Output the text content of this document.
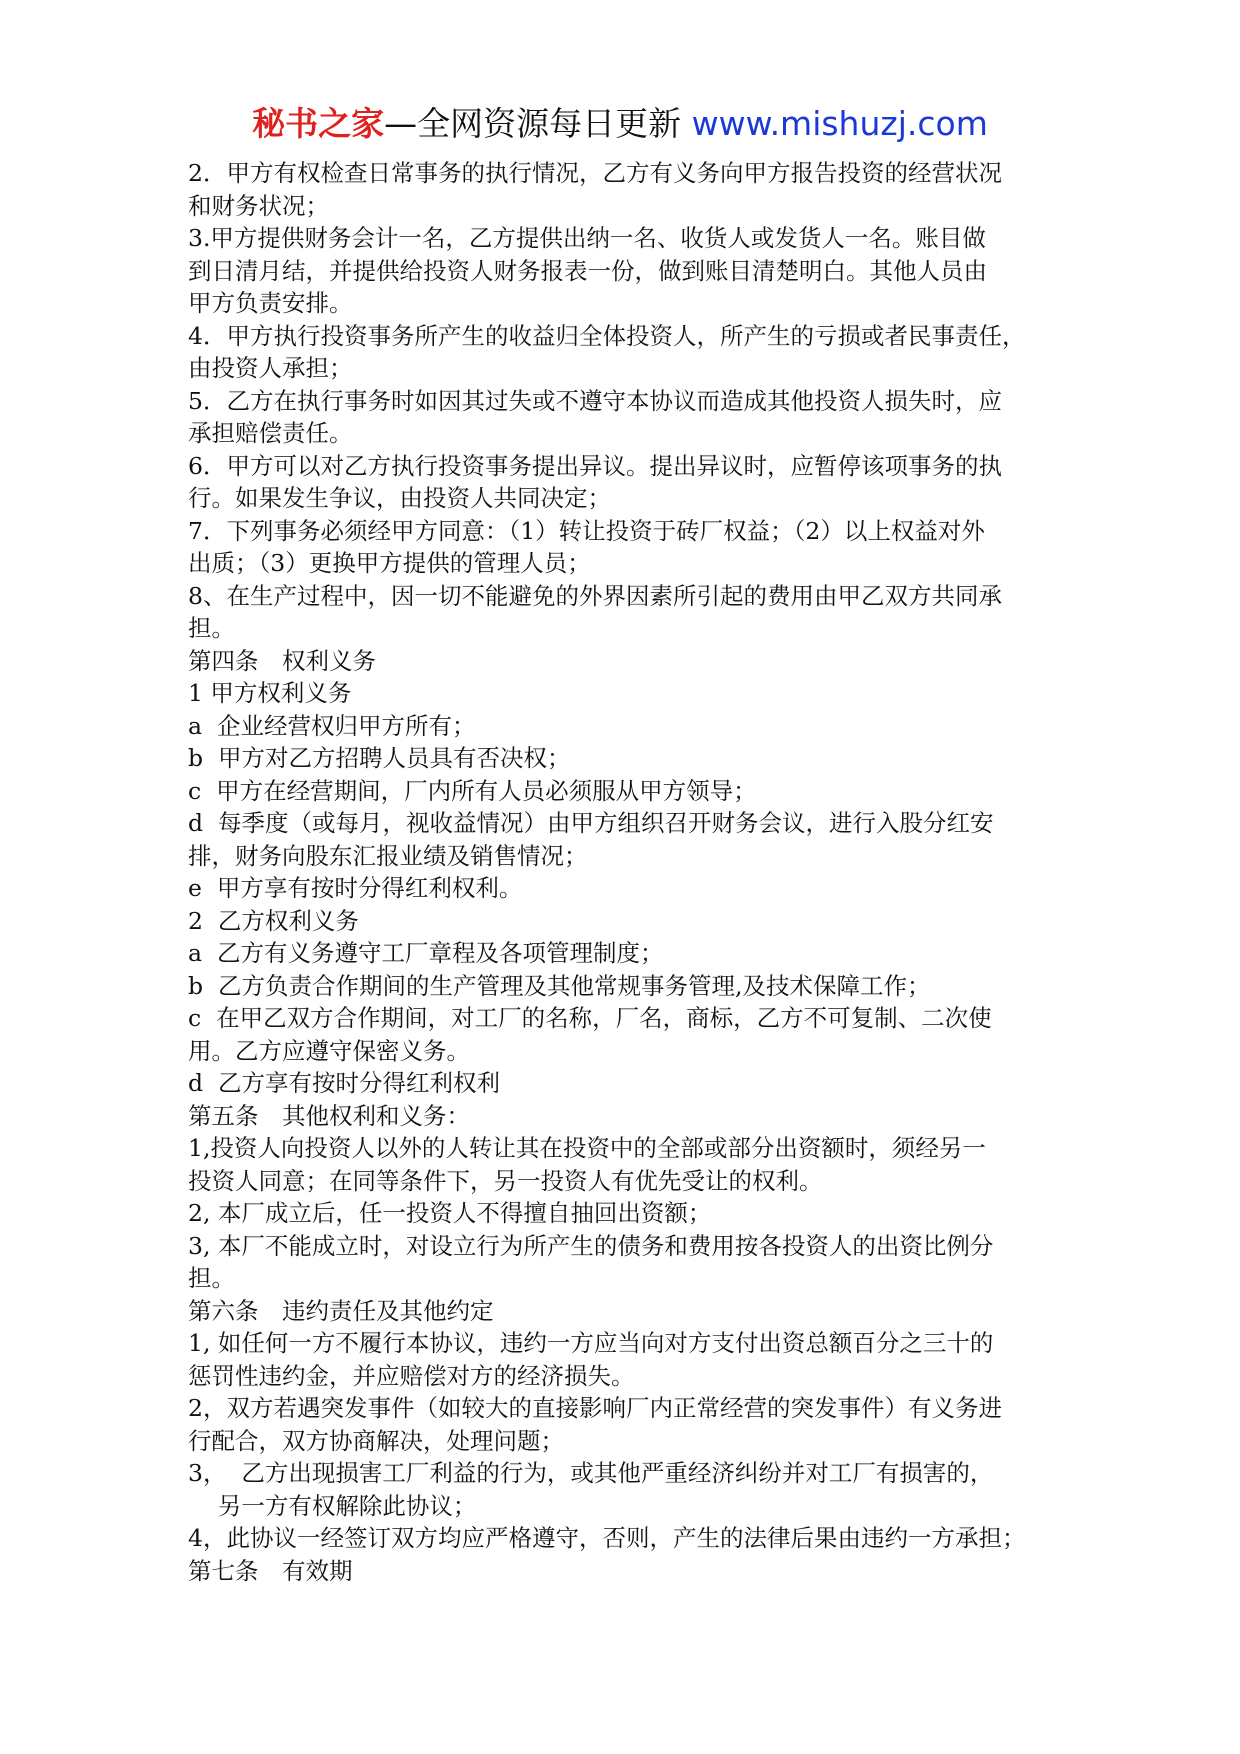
秘书之家—全网资源每日更新 www.mishuzj.com
2．甲方有权检查日常事务的执行情况，乙方有义务向甲方报告投资的经营状况
和财务状况；
3.甲方提供财务会计一名，乙方提供出纳一名、收货人或发货人一名。账目做
到日清月结，并提供给投资人财务报表一份，做到账目清楚明白。其他人员由
甲方负责安排。
4．甲方执行投资事务所产生的收益归全体投资人，所产生的亏损或者民事责任，
由投资人承担；
5．乙方在执行事务时如因其过失或不遵守本协议而造成其他投资人损失时，应
承担赔偿责任。
6．甲方可以对乙方执行投资事务提出异议。提出异议时，应暂停该项事务的执
行。如果发生争议，由投资人共同决定；
7．下列事务必须经甲方同意：（1）转让投资于砖厂权益；（2）以上权益对外
出质；（3）更换甲方提供的管理人员；
8、在生产过程中，因一切不能避免的外界因素所引起的费用由甲乙双方共同承
担。
第四条　权利义务
1 甲方权利义务
a  企业经营权归甲方所有；
b  甲方对乙方招聘人员具有否决权；
c  甲方在经营期间，厂内所有人员必须服从甲方领导；
d  每季度（或每月，视收益情况）由甲方组织召开财务会议，进行入股分红安
排，财务向股东汇报业绩及销售情况；
e  甲方享有按时分得红利权利。
2  乙方权利义务
a  乙方有义务遵守工厂章程及各项管理制度；
b  乙方负责合作期间的生产管理及其他常规事务管理,及技术保障工作；
c  在甲乙双方合作期间，对工厂的名称，厂名，商标，乙方不可复制、二次使
用。乙方应遵守保密义务。
d  乙方享有按时分得红利权利
第五条　其他权利和义务：
1,投资人向投资人以外的人转让其在投资中的全部或部分出资额时，须经另一
投资人同意；在同等条件下，另一投资人有优先受让的权利。
2, 本厂成立后，任一投资人不得擅自抽回出资额；
3, 本厂不能成立时，对设立行为所产生的债务和费用按各投资人的出资比例分
担。
第六条　违约责任及其他约定
1, 如任何一方不履行本协议，违约一方应当向对方支付出资总额百分之三十的
惩罚性违约金，并应赔偿对方的经济损失。
2，双方若遇突发事件（如较大的直接影响厂内正常经营的突发事件）有义务进
行配合，双方协商解决，处理问题；
3，  乙方出现损害工厂利益的行为，或其他严重经济纠纷并对工厂有损害的，
另一方有权解除此协议；
4，此协议一经签订双方均应严格遵守，否则，产生的法律后果由违约一方承担；
第七条　有效期
